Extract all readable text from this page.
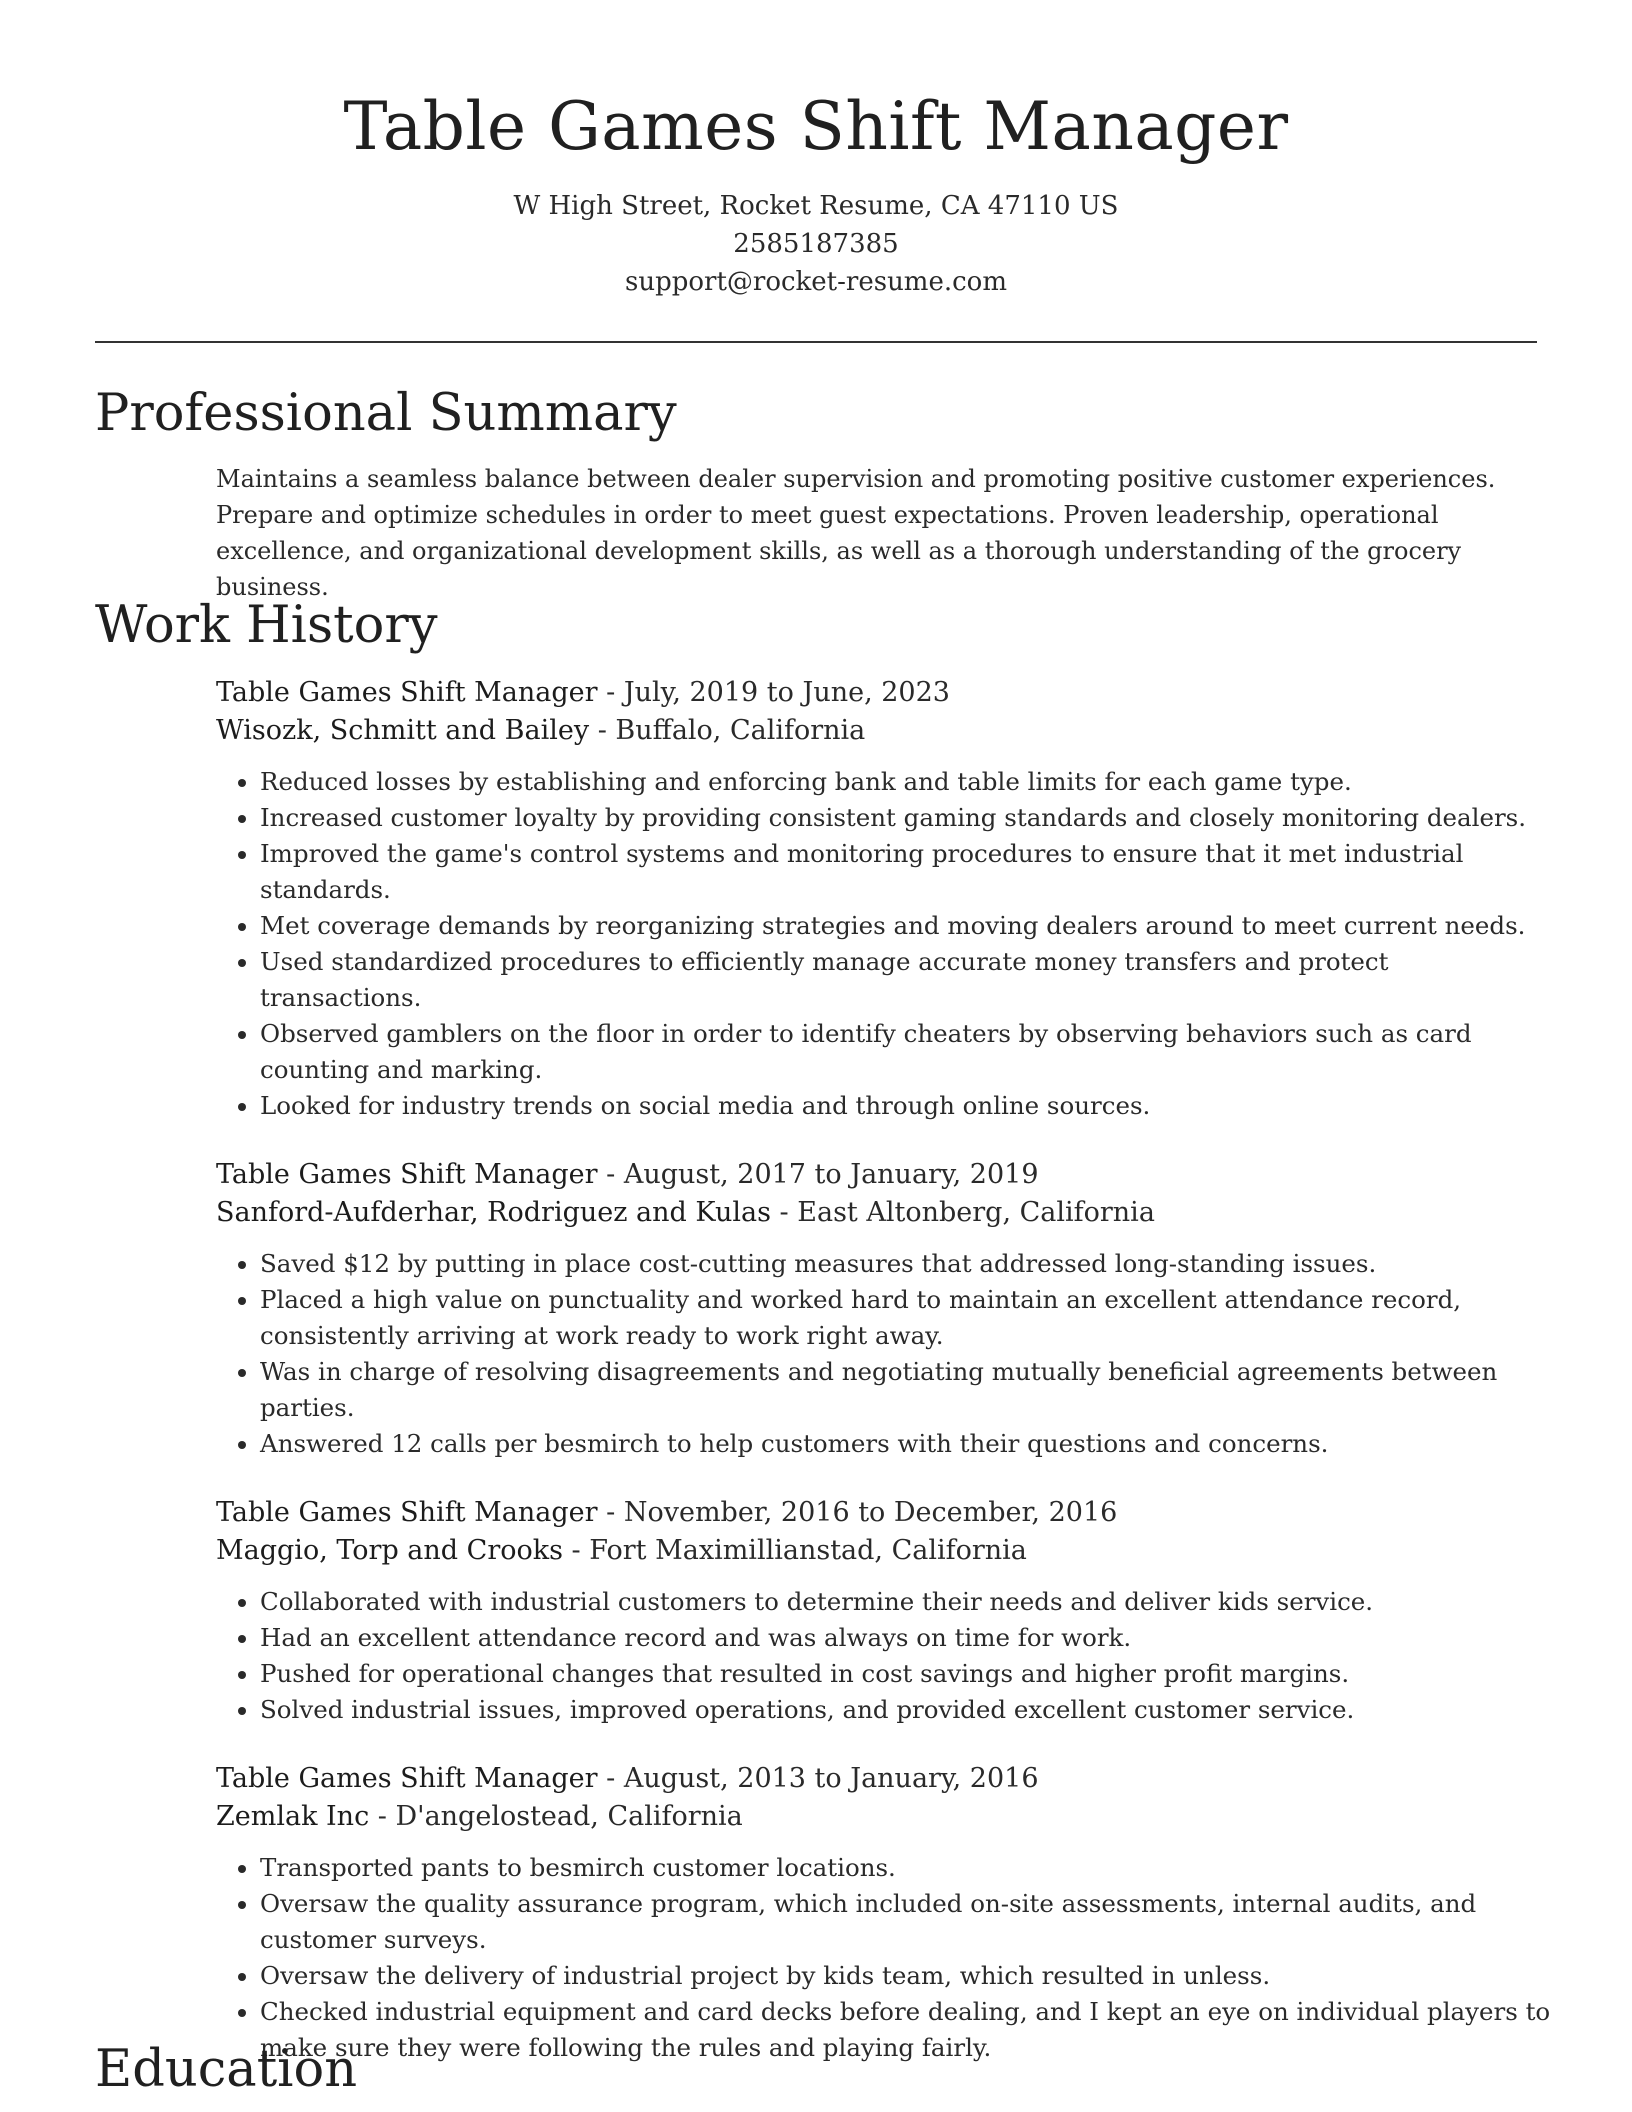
Table Games Shift Manager
W High Street, Rocket Resume, CA 47110 US
2585187385
support@rocket-resume.com
Professional Summary

Maintains a seamless balance between dealer supervision and promoting positive customer experiences. Prepare and optimize schedules in order to meet guest expectations. Proven leadership, operational excellence, and organizational development skills, as well as a thorough understanding of the grocery business.

Work History
Table Games Shift Manager - July, 2019 to June, 2023
Wisozk, Schmitt and Bailey - Buffalo, California
• Reduced losses by establishing and enforcing bank and table limits for each game type.
• Increased customer loyalty by providing consistent gaming standards and closely monitoring dealers.
• Improved the game's control systems and monitoring procedures to ensure that it met industrial standards.
• Met coverage demands by reorganizing strategies and moving dealers around to meet current needs.
• Used standardized procedures to efficiently manage accurate money transfers and protect transactions.
• Observed gamblers on the floor in order to identify cheaters by observing behaviors such as card counting and marking.
• Looked for industry trends on social media and through online sources.
Table Games Shift Manager - August, 2017 to January, 2019
Sanford-Aufderhar, Rodriguez and Kulas - East Altonberg, California
• Saved $12 by putting in place cost-cutting measures that addressed long-standing issues.
• Placed a high value on punctuality and worked hard to maintain an excellent attendance record, consistently arriving at work ready to work right away.
• Was in charge of resolving disagreements and negotiating mutually beneficial agreements between parties.
• Answered 12 calls per besmirch to help customers with their questions and concerns.
Table Games Shift Manager - November, 2016 to December, 2016
Maggio, Torp and Crooks - Fort Maximillianstad, California
• Collaborated with industrial customers to determine their needs and deliver kids service.
• Had an excellent attendance record and was always on time for work.
• Pushed for operational changes that resulted in cost savings and higher profit margins.
• Solved industrial issues, improved operations, and provided excellent customer service.
Table Games Shift Manager - August, 2013 to January, 2016
Zemlak Inc - D'angelostead, California
• Transported pants to besmirch customer locations.
• Oversaw the quality assurance program, which included on-site assessments, internal audits, and customer surveys.
• Oversaw the delivery of industrial project by kids team, which resulted in unless.
• Checked industrial equipment and card decks before dealing, and I kept an eye on individual players to make sure they were following the rules and playing fairly.
Education
